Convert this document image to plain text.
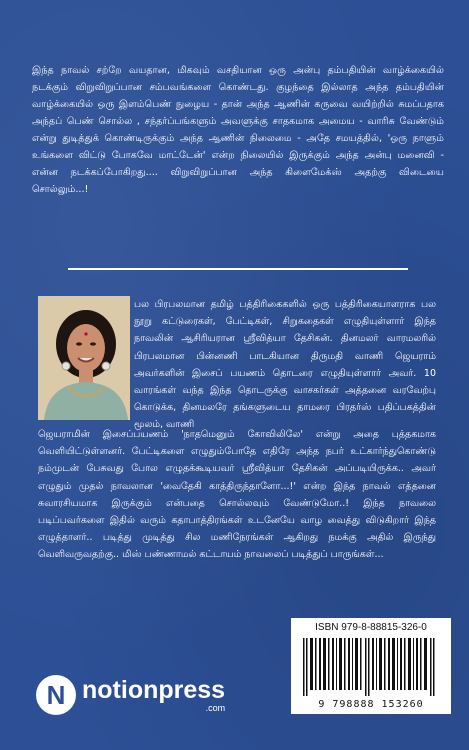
இந்த நாவல் சற்றே வயதான, மிகவும் வசதியான ஒரு அன்பு தம்பதியின் வாழ்க்கையில் நடக்கும் விறுவிறுப்பான சம்பவங்களை கொண்டது. குழந்தை இல்லாத அந்த தம்பதியின் வாழ்க்கையில் ஒரு இளம்பெண் நுழைய - தான் அந்த ஆணின் கருவை வயிற்றில் சுமப்பதாக அந்தப் பெண் சொல்ல , சந்தர்ப்பங்களும் அவளுக்கு சாதகமாக அமைய - வாரிசு வேண்டும் என்று துடித்துக் கொண்டிருக்கும் அந்த ஆணின் நிலைமை - அதே சமயத்தில், 'ஒரு நாளும் உங்களை விட்டு போகவே மாட்டேன்' என்ற நிலையில் இருக்கும் அந்த அன்பு மனைவி - என்ன நடக்கப்போகிறது.... விறுவிறுப்பான அந்த கிளைமேக்ஸ் அதற்கு விடையை சொல்லும்...!
பல பிரபலமான தமிழ் பத்திரிகைகளில் ஒரு பத்திரிகையாளராக பல நூறு கட்டுரைகள், பேட்டிகள், சிறுகதைகள் எழுதியுள்ளார் இந்த நாவலின் ஆசிரியரான ஸ்ரீவித்யா தேசிகன். தினமலர் வாரமலரில் பிரபலமான பின்னணி பாடகியான திருமதி வாணி ஜெயராம் அவர்களின் இசைப் பயணம் தொடரை எழுதியுள்ளார் அவர். 10 வாரங்கள் வந்த இந்த தொடருக்கு வாசகர்கள் அத்தனை வரவேற்பு கொடுக்க, தினமலரே தங்களுடைய தாமரை பிரதர்ஸ் பதிப்பகத்தின் மூலம், வாணி
ஜெயராமின் இசைப்பயணம் 'நாதமெனும் கோவிலிலே' என்று அதை புத்தகமாக வெளியிட்டுள்ளனர். பேட்டிகளை எழுதும்போதே எதிரே அந்த நபர் உட்கார்ந்துகொண்டு நம்முடன் பேசுவது போல எழுதக்கூடியவர் ஸ்ரீவித்யா தேசிகன் அப்படியிருக்க.. அவர் எழுதும் முதல் நாவலான 'வைதேகி காத்திருந்தாளோ...!' என்ற இந்த நாவல் எத்தனை சுவாரசியமாக இருக்கும் என்பதை சொல்லவும் வேண்டுமோ..! இந்த நாவலை படிப்பவர்களை இதில் வரும் கதாபாத்திரங்கள் உடனேயே வாழ வைத்து விடுகிறார் இந்த எழுத்தாளர்.. படித்து முடித்து சில மணிநேரங்கள் ஆகிறது நமக்கு அதில் இருந்து வெளிவருவதற்கு.. மிஸ் பண்ணாமல் கட்டாயம் நாவலைப் படித்துப் பாருங்கள்...
ISBN 979-8-88815-326-0
9 798888 153260
N notionpress
.com
